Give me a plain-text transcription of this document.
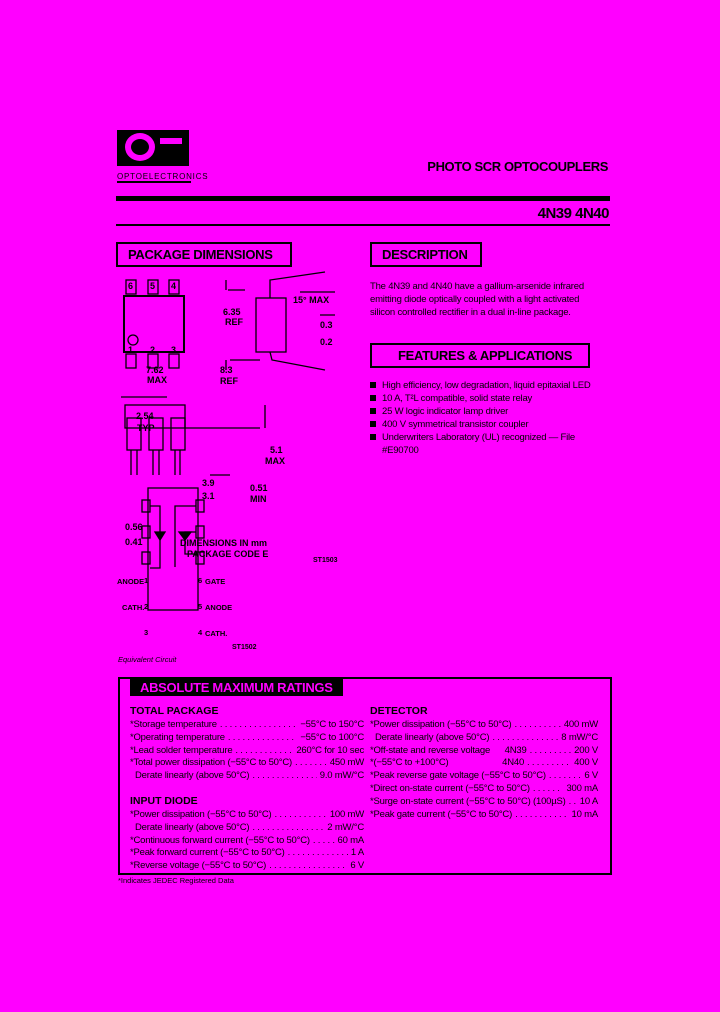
OPTOELECTRONICS
PHOTO SCR OPTOCOUPLERS
4N39 4N40
PACKAGE DIMENSIONS
6 5 4
1 2 3
7.62
MAX
6.35
REF
8.3
REF
15° MAX
0.3
0.2
2.54
TYP
5.1
MAX
0.51
MIN
3.9
3.1
0.56
0.41	DIMENSIONS IN mm
PACKAGE CODE E
ST1503
ANODE 1
CATH. 2
3
6 GATE
5 ANODE
4 CATH.
ST1502
Equivalent Circuit
DESCRIPTION
The 4N39 and 4N40 have a gallium-arsenide infrared emitting diode optically coupled with a light activated silicon controlled rectifier in a dual in-line package.
FEATURES & APPLICATIONS
High efficiency, low degradation, liquid epitaxial LED
10 A, T²L compatible, solid state relay
25 W logic indicator lamp driver
400 V symmetrical transistor coupler
Underwriters Laboratory (UL) recognized — File #E90700
ABSOLUTE MAXIMUM RATINGS
TOTAL PACKAGE
*Storage temperature . . .	−55°C to 150°C
*Operating temperature . . .	−55°C to 100°C
*Lead solder temperature . . .	260°C for 10 sec
*Total power dissipation (−55°C to 50°C) . . .	450 mW
Derate linearly (above 50°C) . . .	9.0 mW/°C
INPUT DIODE
*Power dissipation (−55°C to 50°C) . . .	100 mW
Derate linearly (above 50°C) . . .	2 mW/°C
*Continuous forward current (−55°C to 50°C) . . .	60 mA
*Peak forward current (−55°C to 50°C) . . .	1 A
*Reverse voltage (−55°C to 50°C) . . .	6 V
DETECTOR
*Power dissipation (−55°C to 50°C) . . .	400 mW
Derate linearly (above 50°C) . . .	8 mW/°C
*Off-state and reverse voltage      4N39 . . .	200 V
*(−55°C to +100°C)                      4N40 . . .	400 V
*Peak reverse gate voltage (−55°C to 50°C) . . .	6 V
*Direct on-state current (−55°C to 50°C) . . .	300 mA
*Surge on-state current (−55°C to 50°C) (100µS) . . . 10 A
*Peak gate current (−55°C to 50°C) . . .	10 mA
*Indicates JEDEC Registered Data
